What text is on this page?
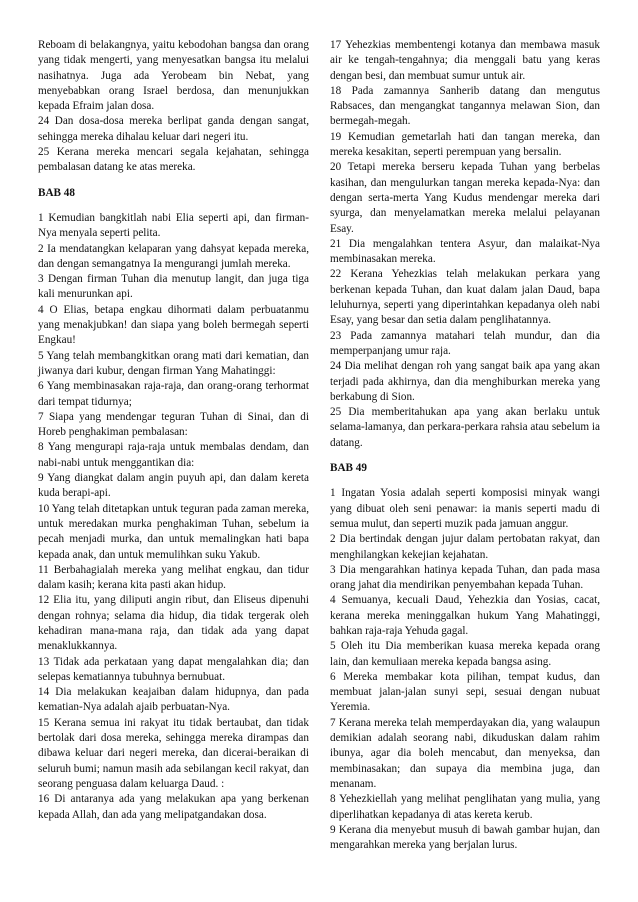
Reboam di belakangnya, yaitu kebodohan bangsa dan orang yang tidak mengerti, yang menyesatkan bangsa itu melalui nasihatnya. Juga ada Yerobeam bin Nebat, yang menyebabkan orang Israel berdosa, dan menunjukkan kepada Efraim jalan dosa.

24 Dan dosa-dosa mereka berlipat ganda dengan sangat, sehingga mereka dihalau keluar dari negeri itu.

25 Kerana mereka mencari segala kejahatan, sehingga pembalasan datang ke atas mereka.

BAB 48

1 Kemudian bangkitlah nabi Elia seperti api, dan firman-Nya menyala seperti pelita.

2 Ia mendatangkan kelaparan yang dahsyat kepada mereka, dan dengan semangatnya Ia mengurangi jumlah mereka.

3 Dengan firman Tuhan dia menutup langit, dan juga tiga kali menurunkan api.

4 O Elias, betapa engkau dihormati dalam perbuatanmu yang menakjubkan! dan siapa yang boleh bermegah seperti Engkau!

5 Yang telah membangkitkan orang mati dari kematian, dan jiwanya dari kubur, dengan firman Yang Mahatinggi:

6 Yang membinasakan raja-raja, dan orang-orang terhormat dari tempat tidurnya;

7 Siapa yang mendengar teguran Tuhan di Sinai, dan di Horeb penghakiman pembalasan:

8 Yang mengurapi raja-raja untuk membalas dendam, dan nabi-nabi untuk menggantikan dia:

9 Yang diangkat dalam angin puyuh api, dan dalam kereta kuda berapi-api.

10 Yang telah ditetapkan untuk teguran pada zaman mereka, untuk meredakan murka penghakiman Tuhan, sebelum ia pecah menjadi murka, dan untuk memalingkan hati bapa kepada anak, dan untuk memulihkan suku Yakub.

11 Berbahagialah mereka yang melihat engkau, dan tidur dalam kasih; kerana kita pasti akan hidup.

12 Elia itu, yang diliputi angin ribut, dan Eliseus dipenuhi dengan rohnya; selama dia hidup, dia tidak tergerak oleh kehadiran mana-mana raja, dan tidak ada yang dapat menaklukkannya.

13 Tidak ada perkataan yang dapat mengalahkan dia; dan selepas kematiannya tubuhnya bernubuat.

14 Dia melakukan keajaiban dalam hidupnya, dan pada kematian-Nya adalah ajaib perbuatan-Nya.

15 Kerana semua ini rakyat itu tidak bertaubat, dan tidak bertolak dari dosa mereka, sehingga mereka dirampas dan dibawa keluar dari negeri mereka, dan dicerai-beraikan di seluruh bumi; namun masih ada sebilangan kecil rakyat, dan seorang penguasa dalam keluarga Daud. :

16 Di antaranya ada yang melakukan apa yang berkenan kepada Allah, dan ada yang melipatgandakan dosa.

17 Yehezkias membentengi kotanya dan membawa masuk air ke tengah-tengahnya; dia menggali batu yang keras dengan besi, dan membuat sumur untuk air.

18 Pada zamannya Sanherib datang dan mengutus Rabsaces, dan mengangkat tangannya melawan Sion, dan bermegah-megah.

19 Kemudian gemetarlah hati dan tangan mereka, dan mereka kesakitan, seperti perempuan yang bersalin.

20 Tetapi mereka berseru kepada Tuhan yang berbelas kasihan, dan mengulurkan tangan mereka kepada-Nya: dan dengan serta-merta Yang Kudus mendengar mereka dari syurga, dan menyelamatkan mereka melalui pelayanan Esay.

21 Dia mengalahkan tentera Asyur, dan malaikat-Nya membinasakan mereka.

22 Kerana Yehezkias telah melakukan perkara yang berkenan kepada Tuhan, dan kuat dalam jalan Daud, bapa leluhurnya, seperti yang diperintahkan kepadanya oleh nabi Esay, yang besar dan setia dalam penglihatannya.

23 Pada zamannya matahari telah mundur, dan dia memperpanjang umur raja.

24 Dia melihat dengan roh yang sangat baik apa yang akan terjadi pada akhirnya, dan dia menghiburkan mereka yang berkabung di Sion.

25 Dia memberitahukan apa yang akan berlaku untuk selama-lamanya, dan perkara-perkara rahsia atau sebelum ia datang.

BAB 49

1 Ingatan Yosia adalah seperti komposisi minyak wangi yang dibuat oleh seni penawar: ia manis seperti madu di semua mulut, dan seperti muzik pada jamuan anggur.

2 Dia bertindak dengan jujur dalam pertobatan rakyat, dan menghilangkan kekejian kejahatan.

3 Dia mengarahkan hatinya kepada Tuhan, dan pada masa orang jahat dia mendirikan penyembahan kepada Tuhan.

4 Semuanya, kecuali Daud, Yehezkia dan Yosias, cacat, kerana mereka meninggalkan hukum Yang Mahatinggi, bahkan raja-raja Yehuda gagal.

5 Oleh itu Dia memberikan kuasa mereka kepada orang lain, dan kemuliaan mereka kepada bangsa asing.

6 Mereka membakar kota pilihan, tempat kudus, dan membuat jalan-jalan sunyi sepi, sesuai dengan nubuat Yeremia.

7 Kerana mereka telah memperdayakan dia, yang walaupun demikian adalah seorang nabi, dikuduskan dalam rahim ibunya, agar dia boleh mencabut, dan menyeksa, dan membinasakan; dan supaya dia membina juga, dan menanam.

8 Yehezkiellah yang melihat penglihatan yang mulia, yang diperlihatkan kepadanya di atas kereta kerub.

9 Kerana dia menyebut musuh di bawah gambar hujan, dan mengarahkan mereka yang berjalan lurus.
